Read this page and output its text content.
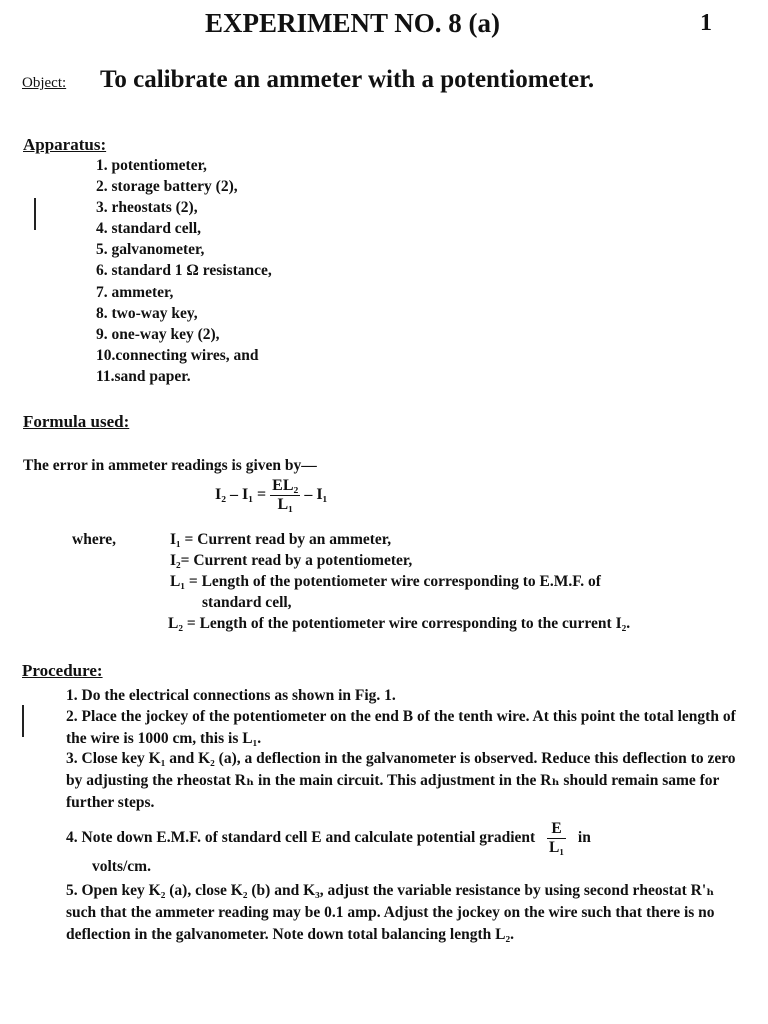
EXPERIMENT NO. 8 (a)	1
Object: To calibrate an ammeter with a potentiometer.
Apparatus:
1. potentiometer,
2. storage battery (2),
3. rheostats (2),
4. standard cell,
5. galvanometer,
6. standard 1 Ω resistance,
7. ammeter,
8. two-way key,
9. one-way key (2),
10.connecting wires, and
11.sand paper.
Formula used:
The error in ammeter readings is given by—
$I_2 - I_1 = \frac{\text{EL₂}}{\text{L₁}} - I_1$
where,	I₁ = Current read by an ammeter,
I₂= Current read by a potentiometer,
L₁ = Length of the potentiometer wire corresponding to E.M.F. of
standard cell,
L₂ = Length of the potentiometer wire corresponding to the current I₂.
Procedure:
1. Do the electrical connections as shown in Fig. 1.
2. Place the jockey of the potentiometer on the end B of the tenth wire. At this point the total length of the wire is 1000 cm, this is L₁.
3. Close key K₁ and K₂ (a), a deflection in the galvanometer is observed. Reduce this deflection to zero by adjusting the rheostat Rₕ in the main circuit. This adjustment in the Rₕ should remain same for further steps.
4. Note down E.M.F. of standard cell E and calculate potential gradient $\frac{E}{\text{L₁}}$ in
volts/cm.
5. Open key K₂ (a), close K₂ (b) and K₃, adjust the variable resistance by using second rheostat R'ₕ such that the ammeter reading may be 0.1 amp. Adjust the jockey on the wire such that there is no deflection in the galvanometer. Note down total balancing length L₂.
